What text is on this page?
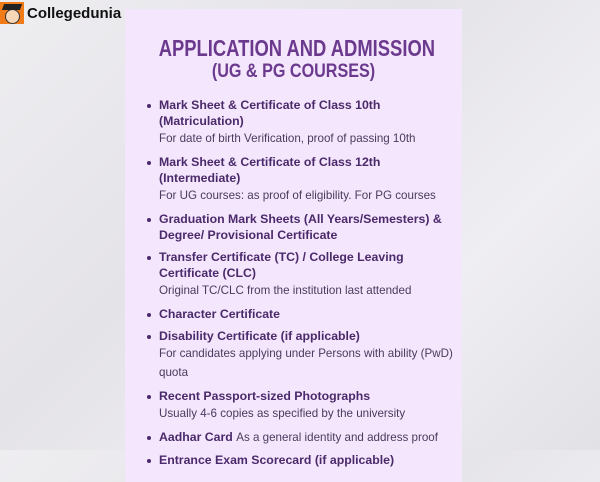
Collegedunia
APPLICATION AND ADMISSION
(UG & PG COURSES)
Mark Sheet & Certificate of Class 10th (Matriculation)
For date of birth Verification, proof of passing 10th
Mark Sheet & Certificate of Class 12th (Intermediate)
For UG courses: as proof of eligibility. For PG courses
Graduation Mark Sheets (All Years/Semesters) & Degree/ Provisional Certificate
Transfer Certificate (TC) / College Leaving Certificate (CLC)
Original TC/CLC from the institution last attended
Character Certificate
Disability Certificate (if applicable)
For candidates applying under Persons with ability (PwD) quota
Recent Passport-sized Photographs
Usually 4-6 copies as specified by the university
Aadhar Card As a general identity and address proof
Entrance Exam Scorecard (if applicable)
